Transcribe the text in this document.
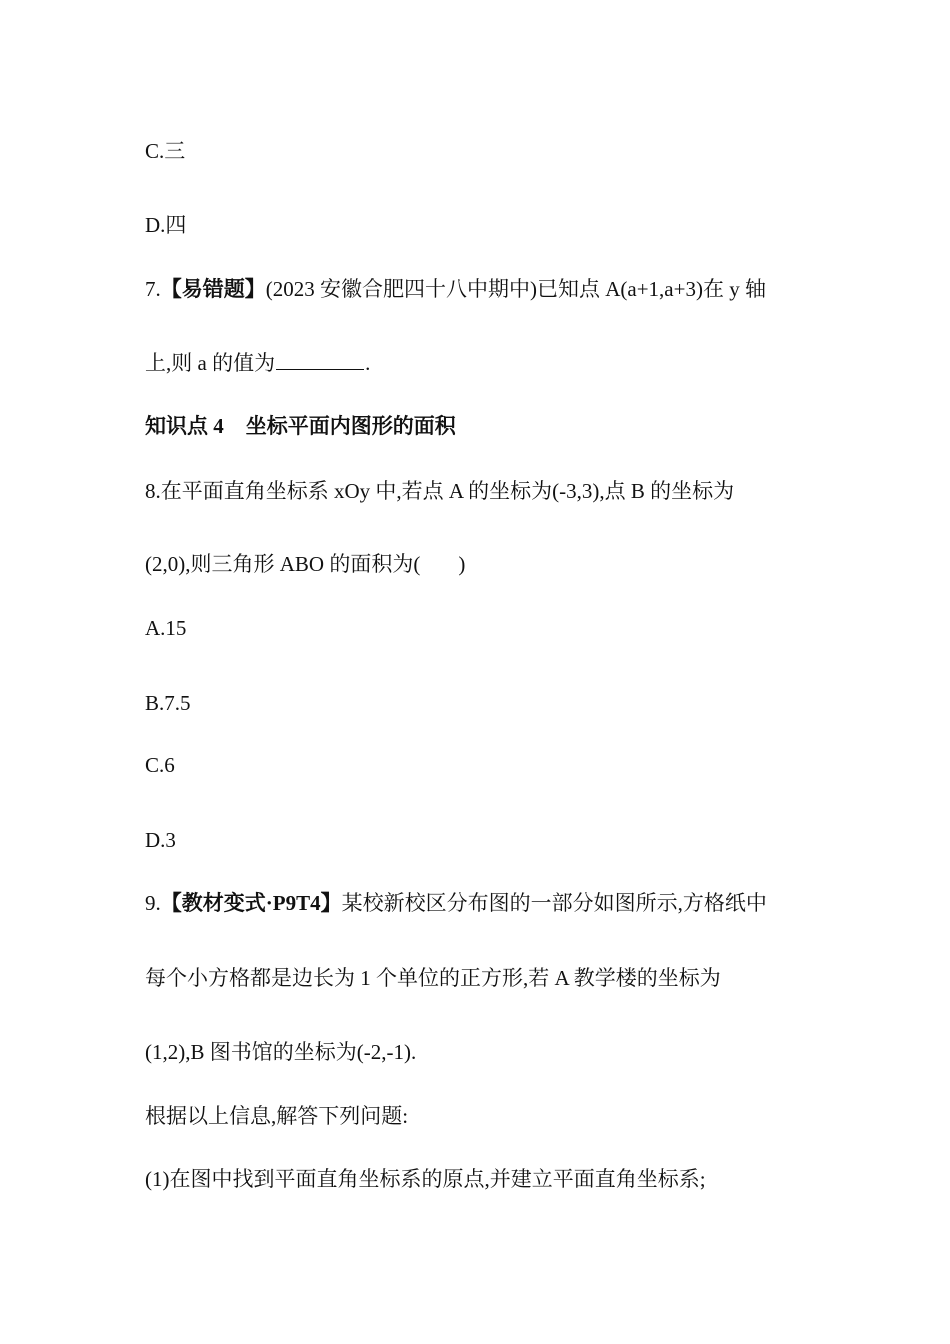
C.三
D.四
7.【易错题】(2023 安徽合肥四十八中期中)已知点 A(a+1,a+3)在 y 轴
上,则 a 的值为	.
知识点 4 坐标平面内图形的面积
8.在平面直角坐标系 xOy 中,若点 A 的坐标为(-3,3),点 B 的坐标为
(2,0),则三角形 ABO 的面积为( )
A.15
B.7.5
C.6
D.3
9.【教材变式·P9T4】某校新校区分布图的一部分如图所示,方格纸中
每个小方格都是边长为 1 个单位的正方形,若 A 教学楼的坐标为
(1,2),B 图书馆的坐标为(-2,-1).
根据以上信息,解答下列问题:
(1)在图中找到平面直角坐标系的原点,并建立平面直角坐标系;
